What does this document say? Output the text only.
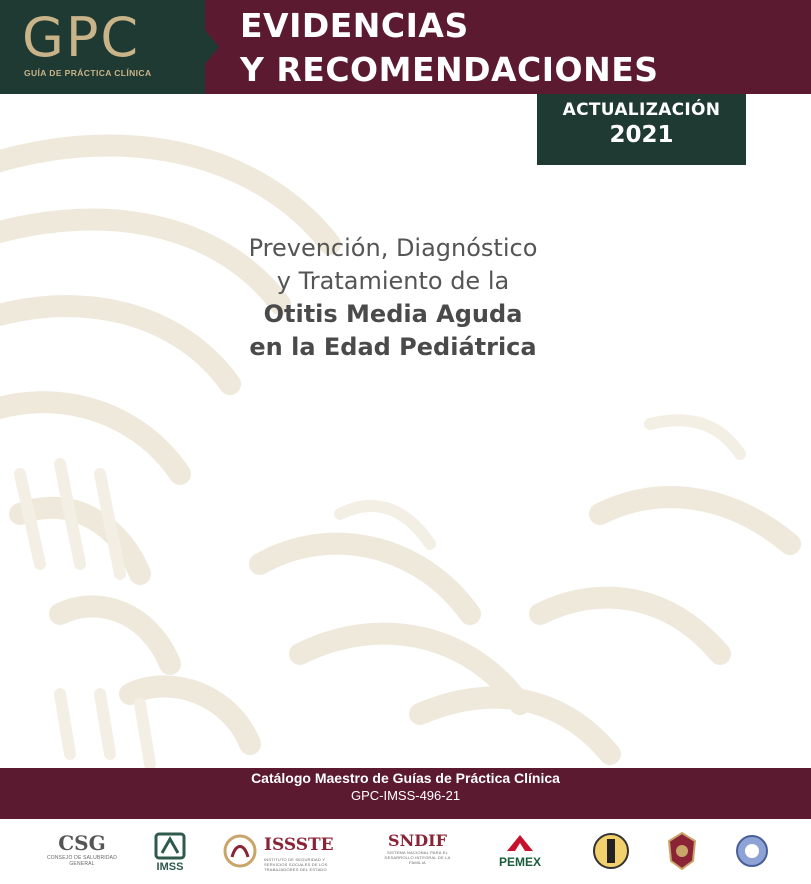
GPC
GUÍA DE PRÁCTICA CLÍNICA
EVIDENCIAS
Y RECOMENDACIONES
ACTUALIZACIÓN
2021
Prevención, Diagnóstico
y Tratamiento de la
Otitis Media Aguda
en la Edad Pediátrica
Catálogo Maestro de Guías de Práctica Clínica
GPC-IMSS-496-21
CSG
CONSEJO DE SALUBRIDAD GENERAL	IMSS
ISSSTE
INSTITUTO DE SEGURIDAD Y SERVICIOS SOCIALES DE LOS TRABAJADORES DEL ESTADO
SNDIF
SISTEMA NACIONAL PARA EL DESARROLLO INTEGRAL DE LA FAMILIA	PEMEX
